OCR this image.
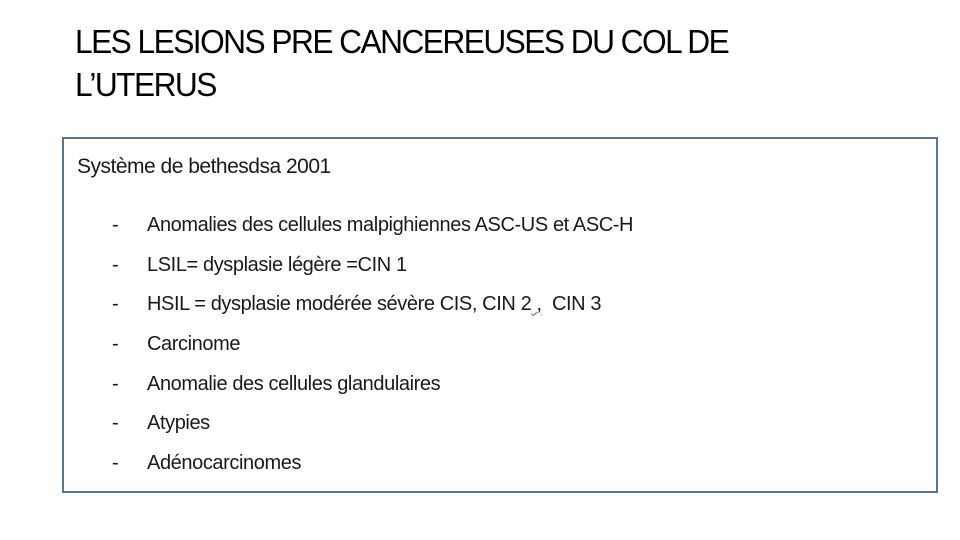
LES LESIONS PRE CANCEREUSES DU COL DE L’UTERUS

Système de bethesdsa 2001

- Anomalies des cellules malpighiennes ASC-US et ASC-H
- LSIL= dysplasie légère =CIN 1
- HSIL = dysplasie modérée sévère CIS, CIN 2 ,  CIN 3
- Carcinome
- Anomalie des cellules glandulaires
- Atypies
- Adénocarcinomes
